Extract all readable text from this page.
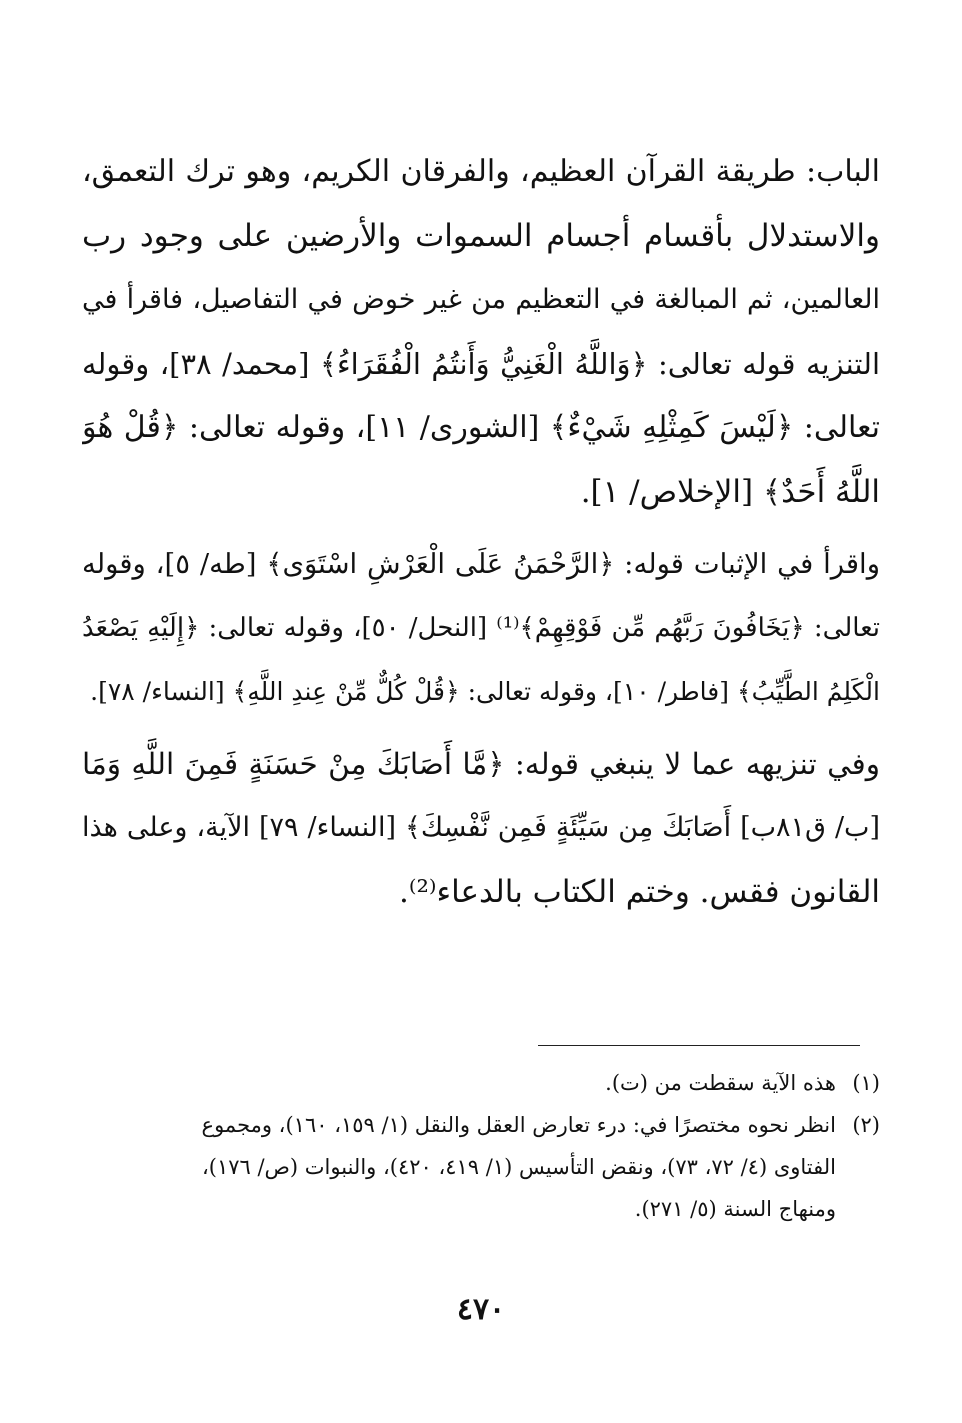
الباب: طريقة القرآن العظيم، والفرقان الكريم، وهو ترك التعمق،
والاستدلال بأقسام أجسام السموات والأرضين على وجود رب
العالمين، ثم المبالغة في التعظيم من غير خوض في التفاصيل، فاقرأ في
التنزيه قوله تعالى: ﴿وَاللَّهُ الْغَنِيُّ وَأَنتُمُ الْفُقَرَاءُ﴾ [محمد/ ٣٨]، وقوله
تعالى: ﴿لَيْسَ كَمِثْلِهِ شَيْءٌ﴾ [الشورى/ ١١]، وقوله تعالى: ﴿قُلْ هُوَ
اللَّهُ أَحَدٌ﴾ [الإخلاص/ ١].
واقرأ في الإثبات قوله: ﴿الرَّحْمَنُ عَلَى الْعَرْشِ اسْتَوَى﴾ [طه/ ٥]، وقوله
تعالى: ﴿يَخَافُونَ رَبَّهُم مِّن فَوْقِهِمْ﴾⁽¹⁾ [النحل/ ٥٠]، وقوله تعالى: ﴿إِلَيْهِ يَصْعَدُ
الْكَلِمُ الطَّيِّبُ﴾ [فاطر/ ١٠]، وقوله تعالى: ﴿قُلْ كُلٌّ مِّنْ عِندِ اللَّهِ﴾ [النساء/ ٧٨].
وفي تنزيهه عما لا ينبغي قوله: ﴿مَّا أَصَابَكَ مِنْ حَسَنَةٍ فَمِنَ اللَّهِ وَمَا
[ب/ ق٨١ب] أَصَابَكَ مِن سَيِّئَةٍ فَمِن نَّفْسِكَ﴾ [النساء/ ٧٩] الآية، وعلى هذا
القانون فقس. وختم الكتاب بالدعاء⁽²⁾.
(١)هذه الآية سقطت من (ت).
(٢)انظر نحوه مختصرًا في: درء تعارض العقل والنقل (١/ ١٥٩، ١٦٠)، ومجموع
الفتاوى (٤/ ٧٢، ٧٣)، ونقض التأسيس (١/ ٤١٩، ٤٢٠)، والنبوات (ص/ ١٧٦)،
ومنهاج السنة (٥/ ٢٧١).
٤٧٠
